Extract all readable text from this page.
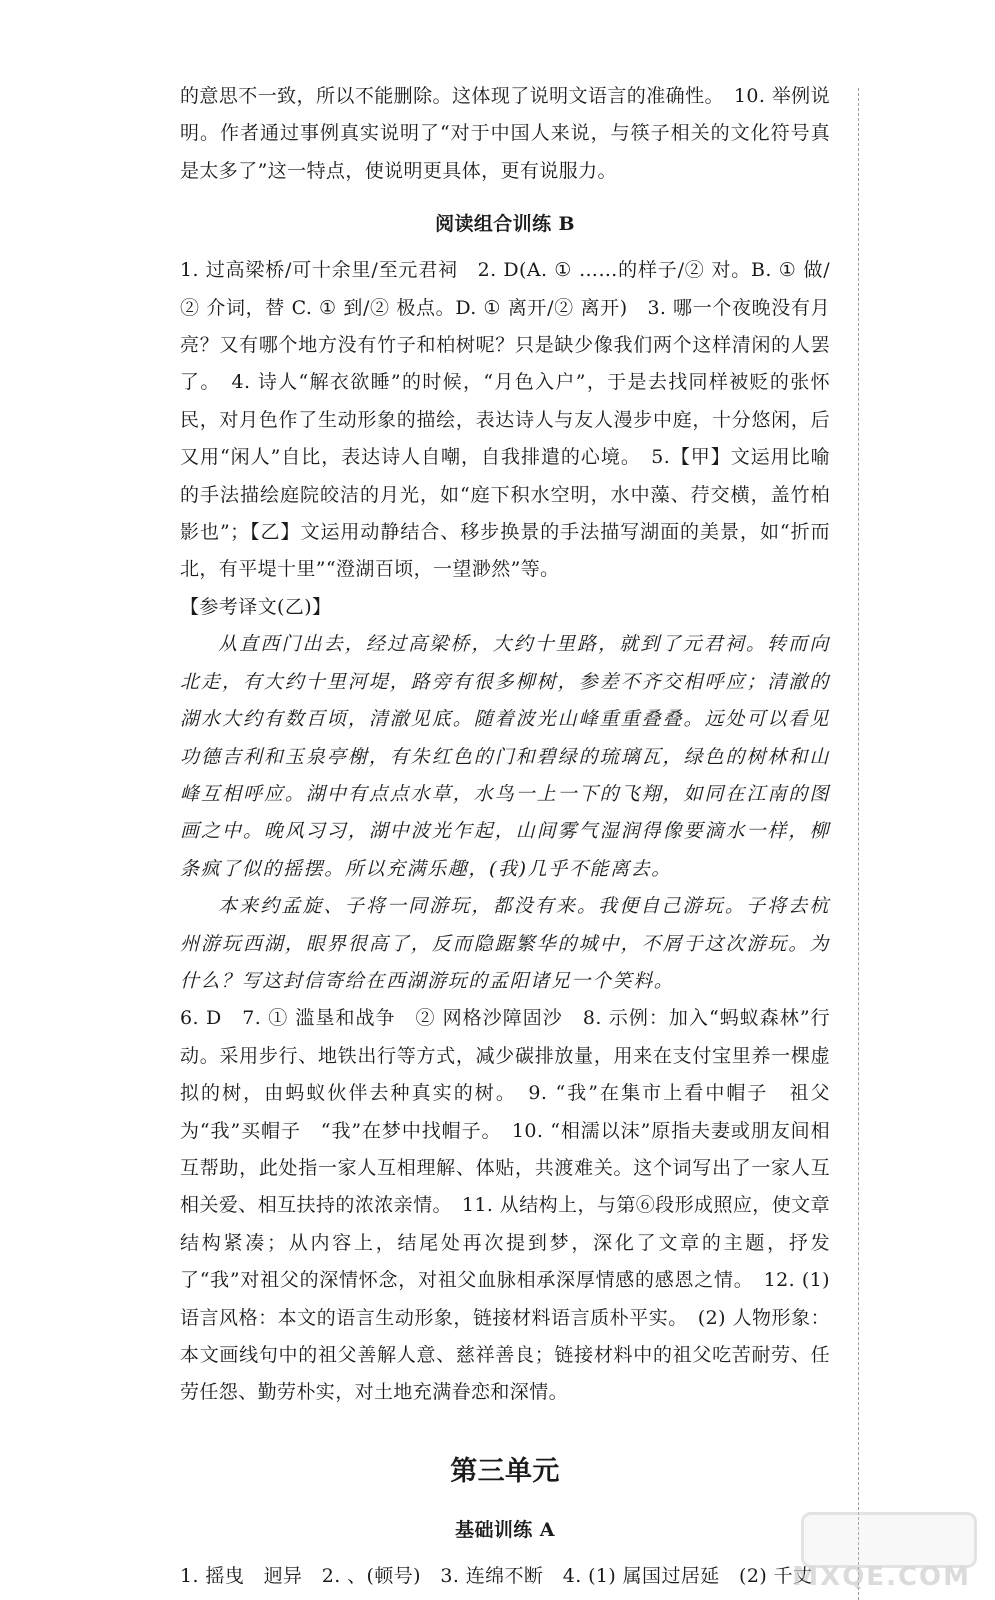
的意思不一致，所以不能删除。这体现了说明文语言的准确性。　10. 举例说明。作者通过事例真实说明了“对于中国人来说，与筷子相关的文化符号真是太多了”这一特点，使说明更具体，更有说服力。

阅读组合训练 B

1. 过高梁桥/可十余里/至元君祠　2. D(A. ① ……的样子/② 对。B. ① 做/② 介词，替 C. ① 到/② 极点。D. ① 离开/② 离开)　3. 哪一个夜晚没有月亮？又有哪个地方没有竹子和柏树呢？只是缺少像我们两个这样清闲的人罢了。　4. 诗人“解衣欲睡”的时候，“月色入户”，于是去找同样被贬的张怀民，对月色作了生动形象的描绘，表达诗人与友人漫步中庭，十分悠闲，后又用“闲人”自比，表达诗人自嘲，自我排遣的心境。　5.【甲】文运用比喻的手法描绘庭院皎洁的月光，如“庭下积水空明，水中藻、荇交横，盖竹柏影也”；【乙】文运用动静结合、移步换景的手法描写湖面的美景，如“折而北，有平堤十里”“澄湖百顷，一望渺然”等。

【参考译文(乙)】

从直西门出去，经过高梁桥，大约十里路，就到了元君祠。转而向北走，有大约十里河堤，路旁有很多柳树，参差不齐交相呼应；清澈的湖水大约有数百顷，清澈见底。随着波光山峰重重叠叠。远处可以看见功德吉利和玉泉亭榭，有朱红色的门和碧绿的琉璃瓦，绿色的树林和山峰互相呼应。湖中有点点水草，水鸟一上一下的飞翔，如同在江南的图画之中。晚风习习，湖中波光乍起，山间雾气湿润得像要滴水一样，柳条疯了似的摇摆。所以充满乐趣，(我)几乎不能离去。

本来约孟旋、子将一同游玩，都没有来。我便自己游玩。子将去杭州游玩西湖，眼界很高了，反而隐踞繁华的城中，不屑于这次游玩。为什么？写这封信寄给在西湖游玩的孟阳诸兄一个笑料。

6. D　7. ① 滥垦和战争　② 网格沙障固沙　8. 示例：加入“蚂蚁森林”行动。采用步行、地铁出行等方式，减少碳排放量，用来在支付宝里养一棵虚拟的树，由蚂蚁伙伴去种真实的树。　9. “我”在集市上看中帽子　祖父为“我”买帽子　“我”在梦中找帽子。　10. “相濡以沫”原指夫妻或朋友间相互帮助，此处指一家人互相理解、体贴，共渡难关。这个词写出了一家人互相关爱、相互扶持的浓浓亲情。　11. 从结构上，与第⑥段形成照应，使文章结构紧凑；从内容上，结尾处再次提到梦，深化了文章的主题，抒发了“我”对祖父的深情怀念，对祖父血脉相承深厚情感的感恩之情。　12. (1) 语言风格：本文的语言生动形象，链接材料语言质朴平实。　(2) 人物形象：本文画线句中的祖父善解人意、慈祥善良；链接材料中的祖父吃苦耐劳、任劳任怨、勤劳朴实，对土地充满眷恋和深情。

第三单元
基础训练 A

1. 摇曳　迥异　2. 、(顿号)　3. 连绵不断　4. (1) 属国过居延　(2) 千丈

MXQE.COM
